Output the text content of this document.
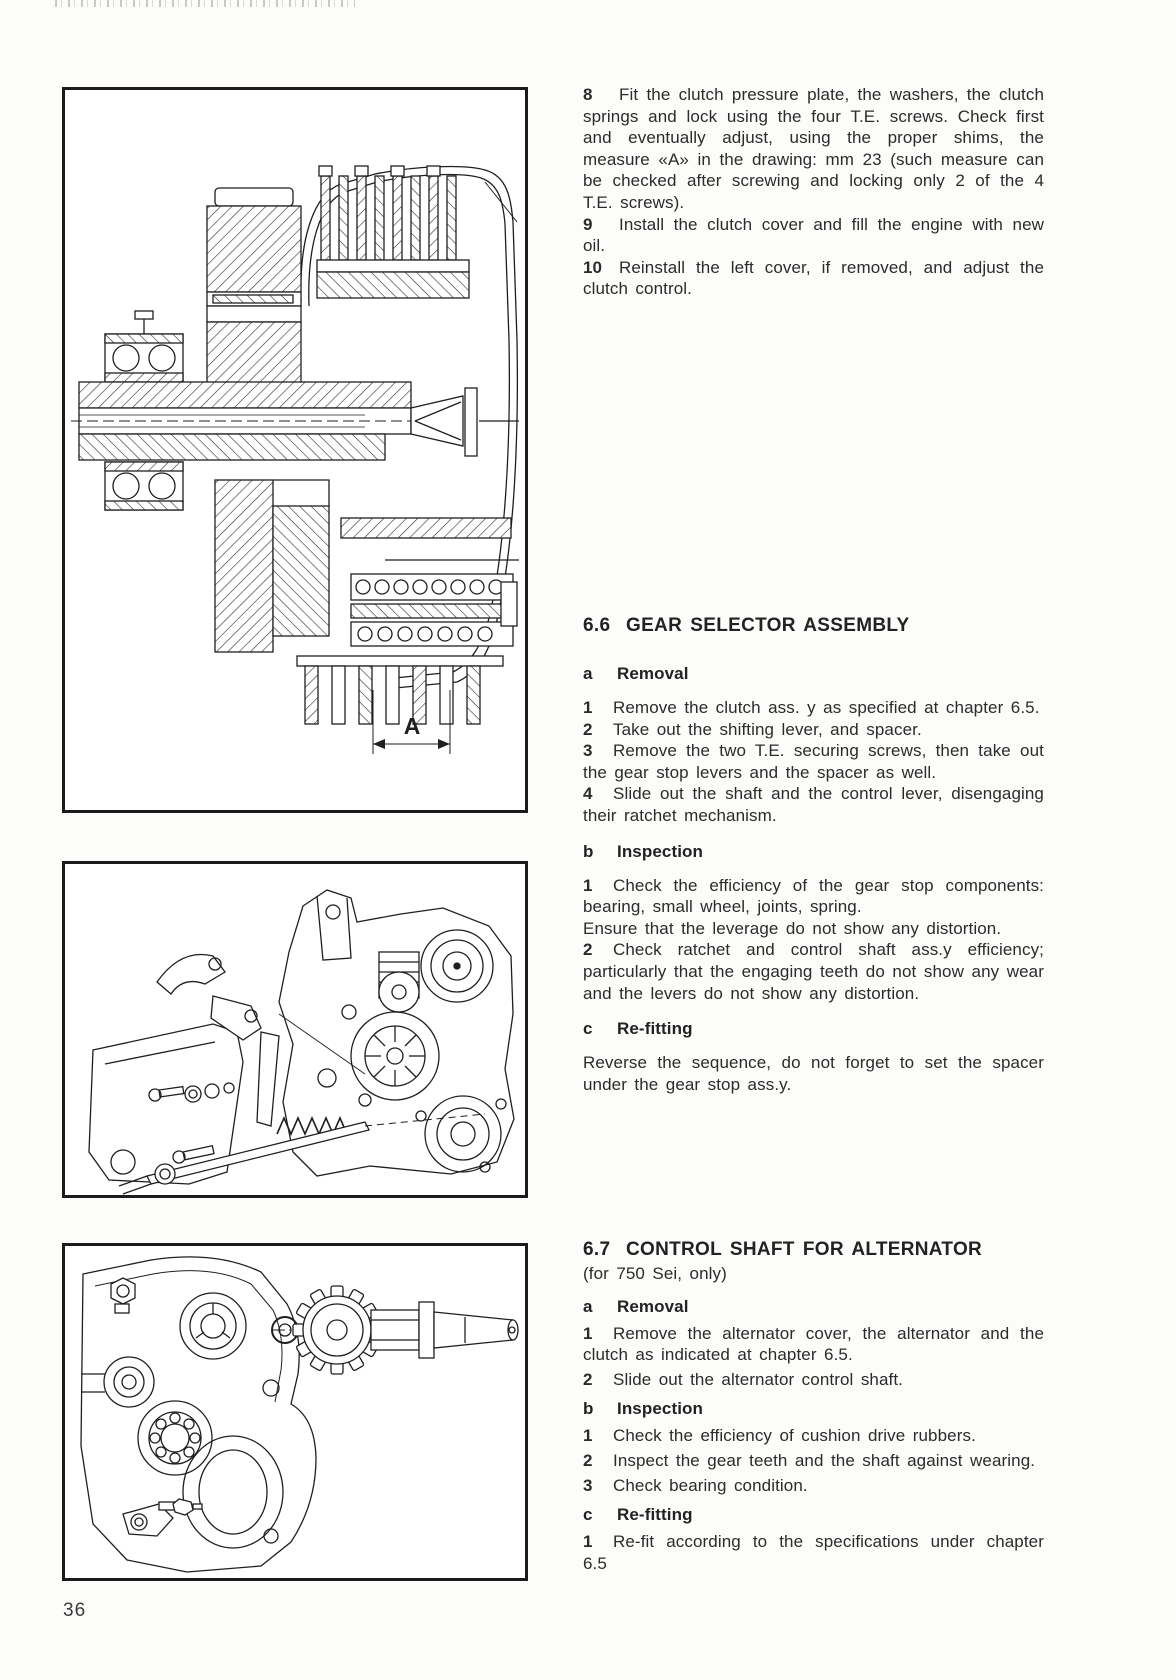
A

8 Fit the clutch pressure plate, the washers, the clutch springs and lock using the four T.E. screws. Check first and eventually adjust, using the proper shims, the measure «A» in the drawing: mm 23 (such measure can be checked after screwing and locking only 2 of the 4 T.E. screws).

9 Install the clutch cover and fill the engine with new oil.

10 Reinstall the left cover, if removed, and adjust the clutch control.

6.6 GEAR SELECTOR ASSEMBLY
a Removal

1 Remove the clutch ass. y as specified at chapter 6.5.

2 Take out the shifting lever, and spacer.

3 Remove the two T.E. securing screws, then take out the gear stop levers and the spacer as well.

4 Slide out the shaft and the control lever, disengaging their ratchet mechanism.

b Inspection

1 Check the efficiency of the gear stop components: bearing, small wheel, joints, spring.
Ensure that the leverage do not show any distortion.

2 Check ratchet and control shaft ass.y efficiency; particularly that the engaging teeth do not show any wear and the levers do not show any distortion.

c Re-fitting

Reverse the sequence, do not forget to set the spacer under the gear stop ass.y.

6.7 CONTROL SHAFT FOR ALTERNATOR

(for 750 Sei, only)

a Removal

1 Remove the alternator cover, the alternator and the clutch as indicated at chapter 6.5.

2 Slide out the alternator control shaft.

b Inspection

1 Check the efficiency of cushion drive rubbers.

2 Inspect the gear teeth and the shaft against wearing.

3 Check bearing condition.

c Re-fitting

1 Re-fit according to the specifications under chapter 6.5

36
